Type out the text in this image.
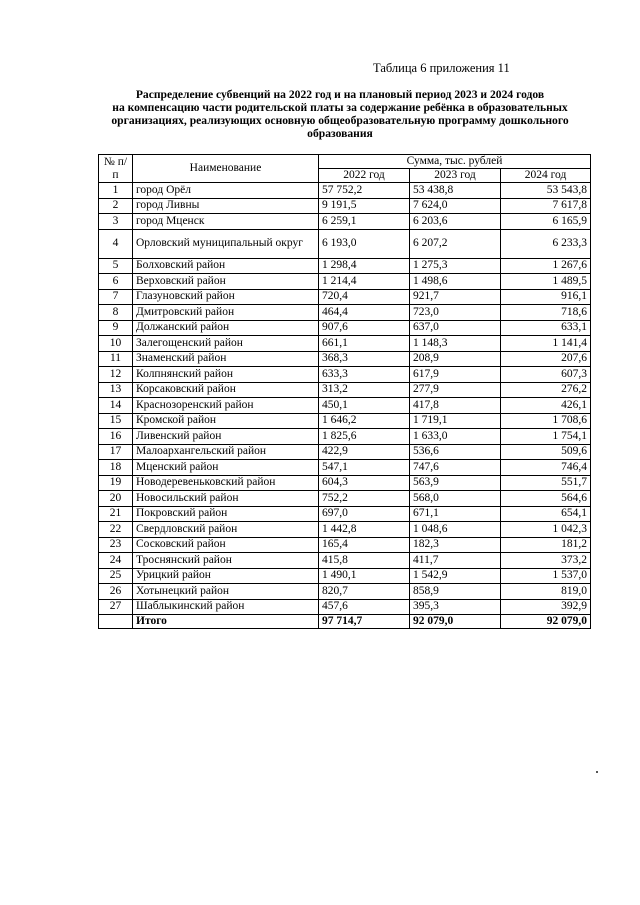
Таблица 6 приложения 11
Распределение субвенций на 2022 год и на плановый период 2023 и 2024 годов
на компенсацию части родительской платы за содержание ребёнка в образовательных
организациях, реализующих основную общеобразовательную программу дошкольного
образования
№ п/п	Наименование	Сумма, тыс. рублей		
		2022 год	2023 год	2024 год
1	город Орёл	57 752,2	53 438,8	53 543,8
2	город Ливны	9 191,5	7 624,0	7 617,8
3	город Мценск	6 259,1	6 203,6	6 165,9
4	Орловский муниципальный округ	6 193,0	6 207,2	6 233,3
5	Болховский район	1 298,4	1 275,3	1 267,6
6	Верховский район	1 214,4	1 498,6	1 489,5
7	Глазуновский район	720,4	921,7	916,1
8	Дмитровский район	464,4	723,0	718,6
9	Должанский район	907,6	637,0	633,1
10	Залегощенский район	661,1	1 148,3	1 141,4
11	Знаменский район	368,3	208,9	207,6
12	Колпнянский район	633,3	617,9	607,3
13	Корсаковский район	313,2	277,9	276,2
14	Краснозоренский район	450,1	417,8	426,1
15	Кромской район	1 646,2	1 719,1	1 708,6
16	Ливенский район	1 825,6	1 633,0	1 754,1
17	Малоархангельский район	422,9	536,6	509,6
18	Мценский район	547,1	747,6	746,4
19	Новодеревеньковский район	604,3	563,9	551,7
20	Новосильский район	752,2	568,0	564,6
21	Покровский район	697,0	671,1	654,1
22	Свердловский район	1 442,8	1 048,6	1 042,3
23	Сосковский район	165,4	182,3	181,2
24	Троснянский район	415,8	411,7	373,2
25	Урицкий район	1 490,1	1 542,9	1 537,0
26	Хотынецкий район	820,7	858,9	819,0
27	Шаблыкинский район	457,6	395,3	392,9
	Итого	97 714,7	92 079,0	92 079,0
